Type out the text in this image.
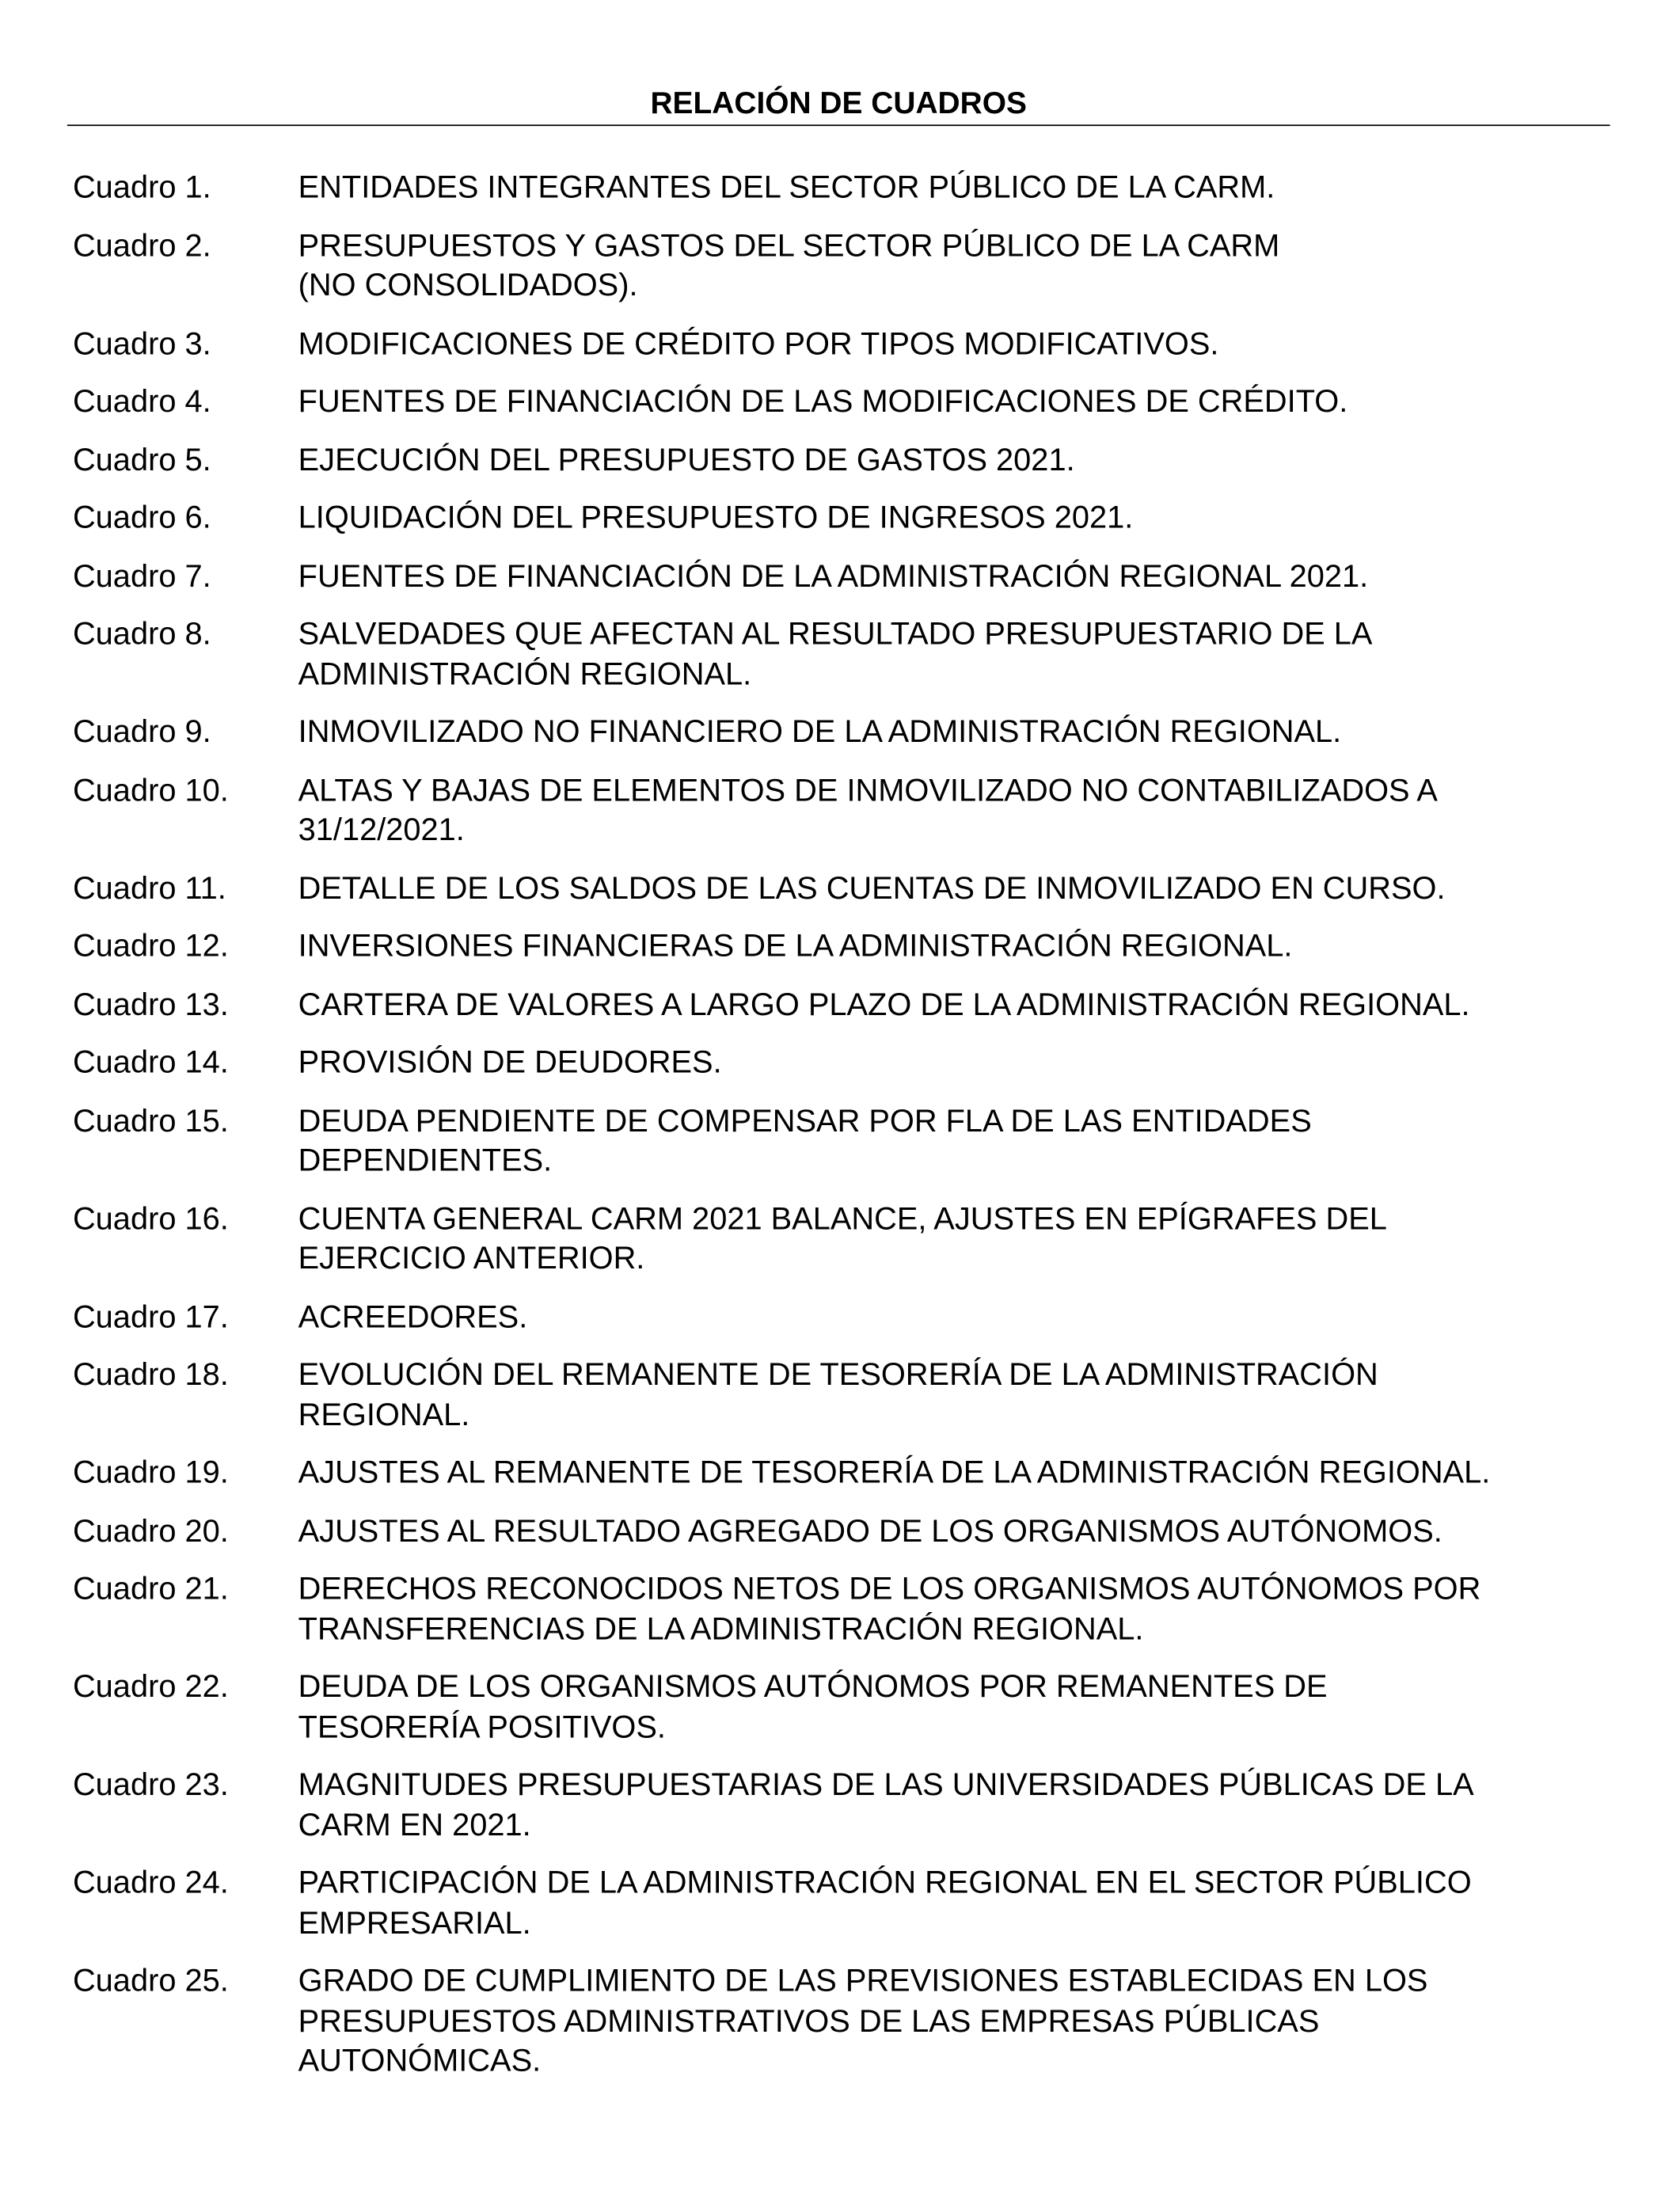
RELACIÓN DE CUADROS
Cuadro 1.	ENTIDADES INTEGRANTES DEL SECTOR PÚBLICO DE LA CARM.
Cuadro 2.	PRESUPUESTOS Y GASTOS DEL SECTOR PÚBLICO DE LA CARM
(NO CONSOLIDADOS).
Cuadro 3.	MODIFICACIONES DE CRÉDITO POR TIPOS MODIFICATIVOS.
Cuadro 4.	FUENTES DE FINANCIACIÓN DE LAS MODIFICACIONES DE CRÉDITO.
Cuadro 5.	EJECUCIÓN DEL PRESUPUESTO DE GASTOS 2021.
Cuadro 6.	LIQUIDACIÓN DEL PRESUPUESTO DE INGRESOS 2021.
Cuadro 7.	FUENTES DE FINANCIACIÓN DE LA ADMINISTRACIÓN REGIONAL 2021.
Cuadro 8.	SALVEDADES QUE AFECTAN AL RESULTADO PRESUPUESTARIO DE LA
ADMINISTRACIÓN REGIONAL.
Cuadro 9.	INMOVILIZADO NO FINANCIERO DE LA ADMINISTRACIÓN REGIONAL.
Cuadro 10.	ALTAS Y BAJAS DE ELEMENTOS DE INMOVILIZADO NO CONTABILIZADOS A
31/12/2021.
Cuadro 11.	DETALLE DE LOS SALDOS DE LAS CUENTAS DE INMOVILIZADO EN CURSO.
Cuadro 12.	INVERSIONES FINANCIERAS DE LA ADMINISTRACIÓN REGIONAL.
Cuadro 13.	CARTERA DE VALORES A LARGO PLAZO DE LA ADMINISTRACIÓN REGIONAL.
Cuadro 14.	PROVISIÓN DE DEUDORES.
Cuadro 15.	DEUDA PENDIENTE DE COMPENSAR POR FLA DE LAS ENTIDADES
DEPENDIENTES.
Cuadro 16.	CUENTA GENERAL CARM 2021 BALANCE, AJUSTES EN EPÍGRAFES DEL
EJERCICIO ANTERIOR.
Cuadro 17.	ACREEDORES.
Cuadro 18.	EVOLUCIÓN DEL REMANENTE DE TESORERÍA DE LA ADMINISTRACIÓN
REGIONAL.
Cuadro 19.	AJUSTES AL REMANENTE DE TESORERÍA DE LA ADMINISTRACIÓN REGIONAL.
Cuadro 20.	AJUSTES AL RESULTADO AGREGADO DE LOS ORGANISMOS AUTÓNOMOS.
Cuadro 21.	DERECHOS RECONOCIDOS NETOS DE LOS ORGANISMOS AUTÓNOMOS POR
TRANSFERENCIAS DE LA ADMINISTRACIÓN REGIONAL.
Cuadro 22.	DEUDA DE LOS ORGANISMOS AUTÓNOMOS POR REMANENTES DE
TESORERÍA POSITIVOS.
Cuadro 23.	MAGNITUDES PRESUPUESTARIAS DE LAS UNIVERSIDADES PÚBLICAS DE LA
CARM EN 2021.
Cuadro 24.	PARTICIPACIÓN DE LA ADMINISTRACIÓN REGIONAL EN EL SECTOR PÚBLICO
EMPRESARIAL.
Cuadro 25.	GRADO DE CUMPLIMIENTO DE LAS PREVISIONES ESTABLECIDAS EN LOS
PRESUPUESTOS ADMINISTRATIVOS DE LAS EMPRESAS PÚBLICAS
AUTONÓMICAS.
